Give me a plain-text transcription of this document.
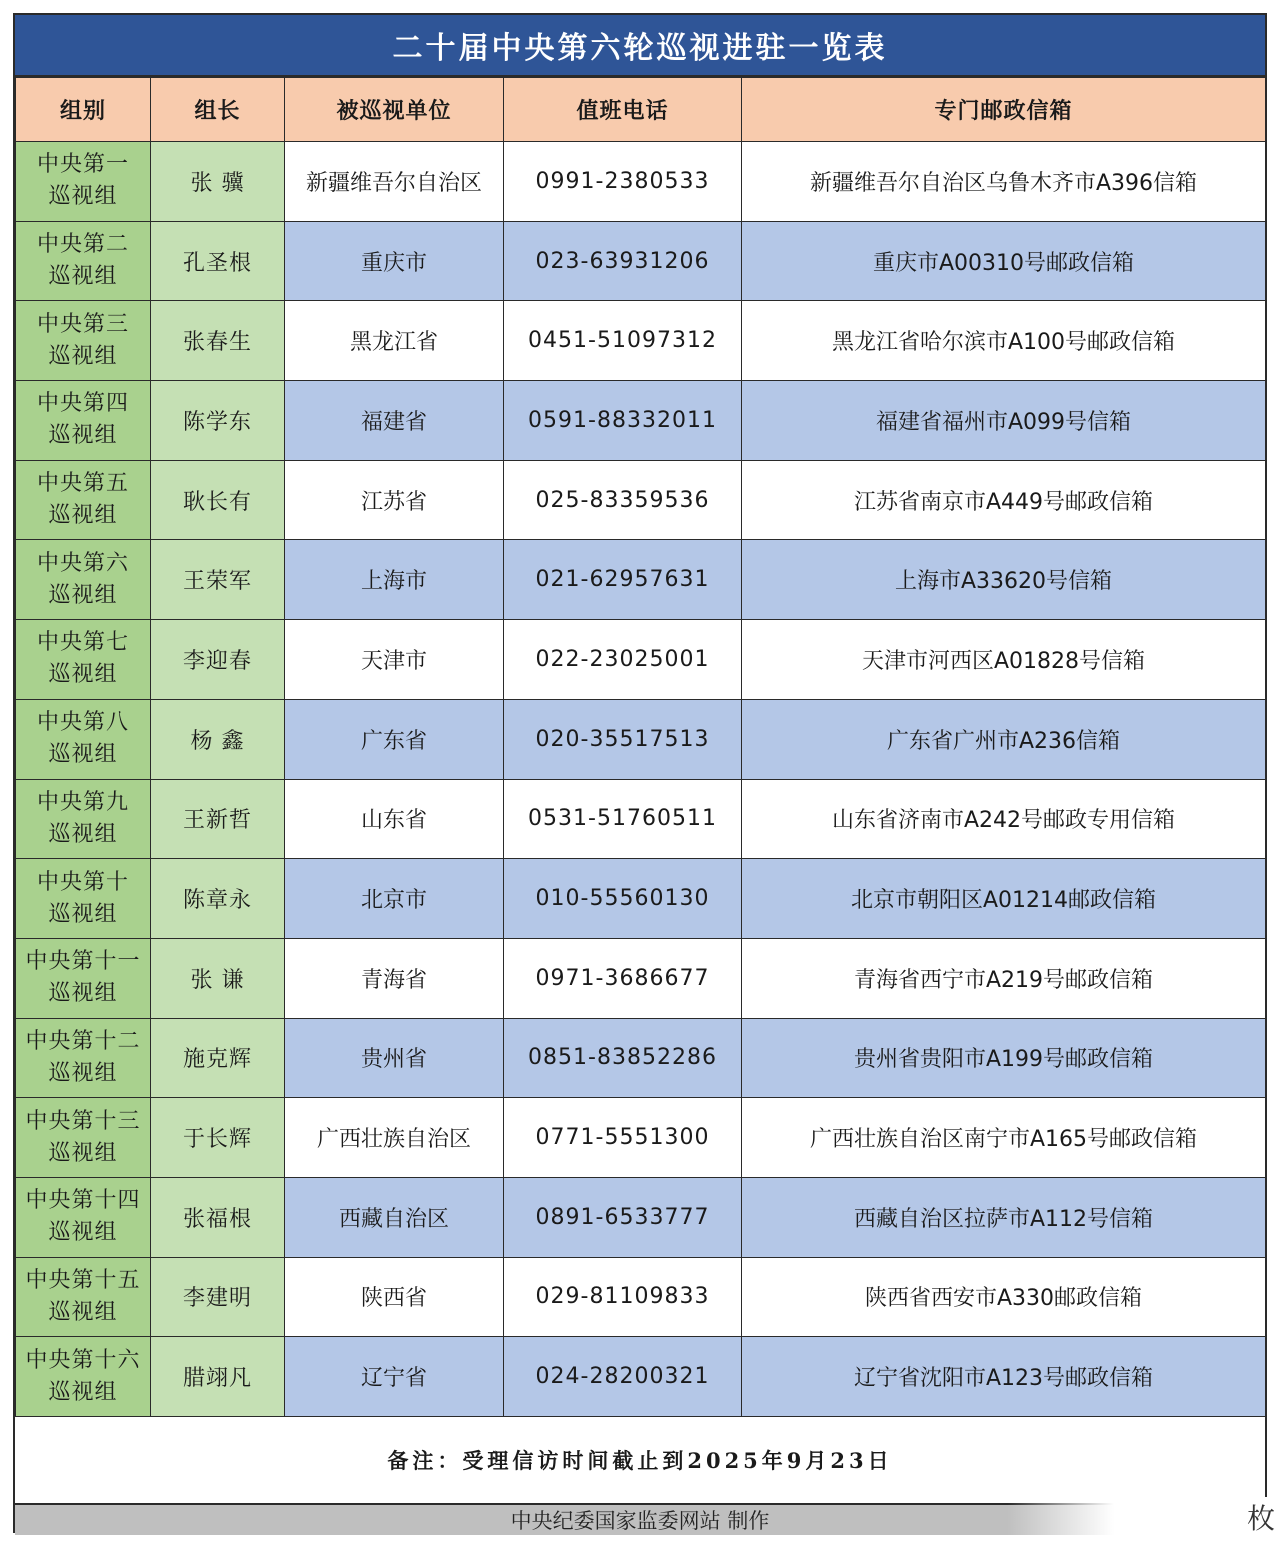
二十届中央第六轮巡视进驻一览表
组别	组长	被巡视单位	值班电话	专门邮政信箱

中央第一
巡视组	张 骥	新疆维吾尔自治区	0991-2380533	新疆维吾尔自治区乌鲁木齐市A396信箱

中央第二
巡视组	孔圣根	重庆市	023-63931206	重庆市A00310号邮政信箱

中央第三
巡视组	张春生	黑龙江省	0451-51097312	黑龙江省哈尔滨市A100号邮政信箱

中央第四
巡视组	陈学东	福建省	0591-88332011	福建省福州市A099号信箱

中央第五
巡视组	耿长有	江苏省	025-83359536	江苏省南京市A449号邮政信箱

中央第六
巡视组	王荣军	上海市	021-62957631	上海市A33620号信箱

中央第七
巡视组	李迎春	天津市	022-23025001	天津市河西区A01828号信箱

中央第八
巡视组	杨 鑫	广东省	020-35517513	广东省广州市A236信箱

中央第九
巡视组	王新哲	山东省	0531-51760511	山东省济南市A242号邮政专用信箱

中央第十
巡视组	陈章永	北京市	010-55560130	北京市朝阳区A01214邮政信箱

中央第十一
巡视组	张 谦	青海省	0971-3686677	青海省西宁市A219号邮政信箱

中央第十二
巡视组	施克辉	贵州省	0851-83852286	贵州省贵阳市A199号邮政信箱

中央第十三
巡视组	于长辉	广西壮族自治区	0771-5551300	广西壮族自治区南宁市A165号邮政信箱

中央第十四
巡视组	张福根	西藏自治区	0891-6533777	西藏自治区拉萨市A112号信箱

中央第十五
巡视组	李建明	陕西省	029-81109833	陕西省西安市A330邮政信箱

中央第十六
巡视组	腊翊凡	辽宁省	024-28200321	辽宁省沈阳市A123号邮政信箱
备注：受理信访时间截止到2025年9月23日
中央纪委国家监委网站 制作	枚
